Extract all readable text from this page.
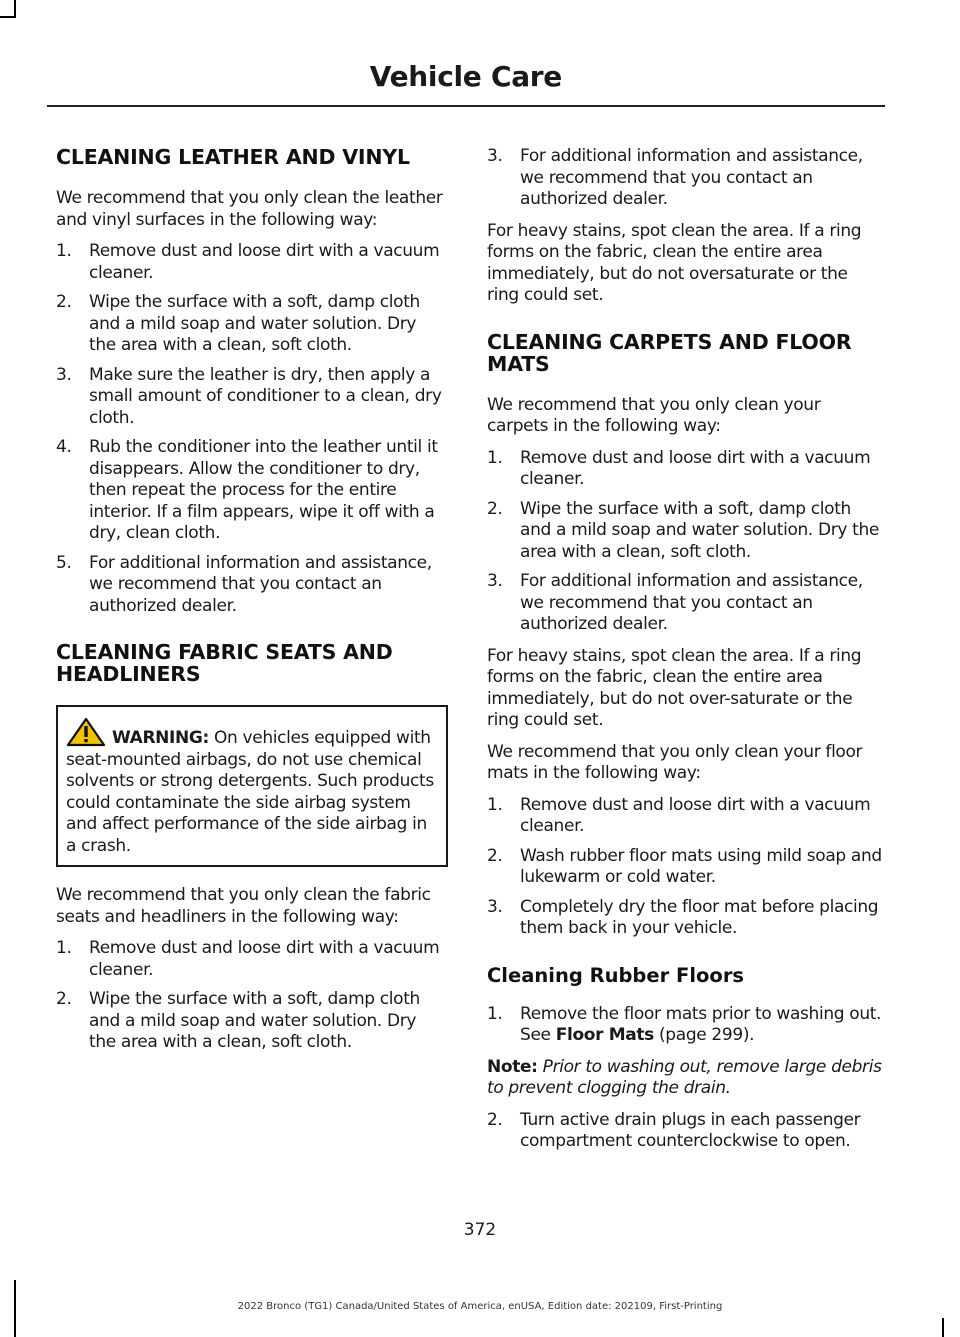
Vehicle Care
CLEANING LEATHER AND VINYL

We recommend that you only clean the leather and vinyl surfaces in the following way:

1. Remove dust and loose dirt with a vacuum cleaner.
2. Wipe the surface with a soft, damp cloth and a mild soap and water solution. Dry the area with a clean, soft cloth.
3. Make sure the leather is dry, then apply a small amount of conditioner to a clean, dry cloth.
4. Rub the conditioner into the leather until it disappears. Allow the conditioner to dry, then repeat the process for the entire interior. If a film appears, wipe it off with a dry, clean cloth.
5. For additional information and assistance, we recommend that you contact an authorized dealer.
CLEANING FABRIC SEATS AND HEADLINERS

WARNING: On vehicles equipped with seat-mounted airbags, do not use chemical solvents or strong detergents. Such products could contaminate the side airbag system and affect performance of the side airbag in a crash.

We recommend that you only clean the fabric seats and headliners in the following way:

1. Remove dust and loose dirt with a vacuum cleaner.
2. Wipe the surface with a soft, damp cloth and a mild soap and water solution. Dry the area with a clean, soft cloth.
3. For additional information and assistance, we recommend that you contact an authorized dealer.

For heavy stains, spot clean the area. If a ring forms on the fabric, clean the entire area immediately, but do not oversaturate or the ring could set.

CLEANING CARPETS AND FLOOR MATS

We recommend that you only clean your carpets in the following way:

1. Remove dust and loose dirt with a vacuum cleaner.
2. Wipe the surface with a soft, damp cloth and a mild soap and water solution. Dry the area with a clean, soft cloth.
3. For additional information and assistance, we recommend that you contact an authorized dealer.

For heavy stains, spot clean the area. If a ring forms on the fabric, clean the entire area immediately, but do not over-saturate or the ring could set.

We recommend that you only clean your floor mats in the following way:

1. Remove dust and loose dirt with a vacuum cleaner.
2. Wash rubber floor mats using mild soap and lukewarm or cold water.
3. Completely dry the floor mat before placing them back in your vehicle.
Cleaning Rubber Floors
1. Remove the floor mats prior to washing out. See Floor Mats (page 299).

Note: Prior to washing out, remove large debris to prevent clogging the drain.

2. Turn active drain plugs in each passenger compartment counterclockwise to open.
372
2022 Bronco (TG1) Canada/United States of America, enUSA, Edition date: 202109, First-Printing
